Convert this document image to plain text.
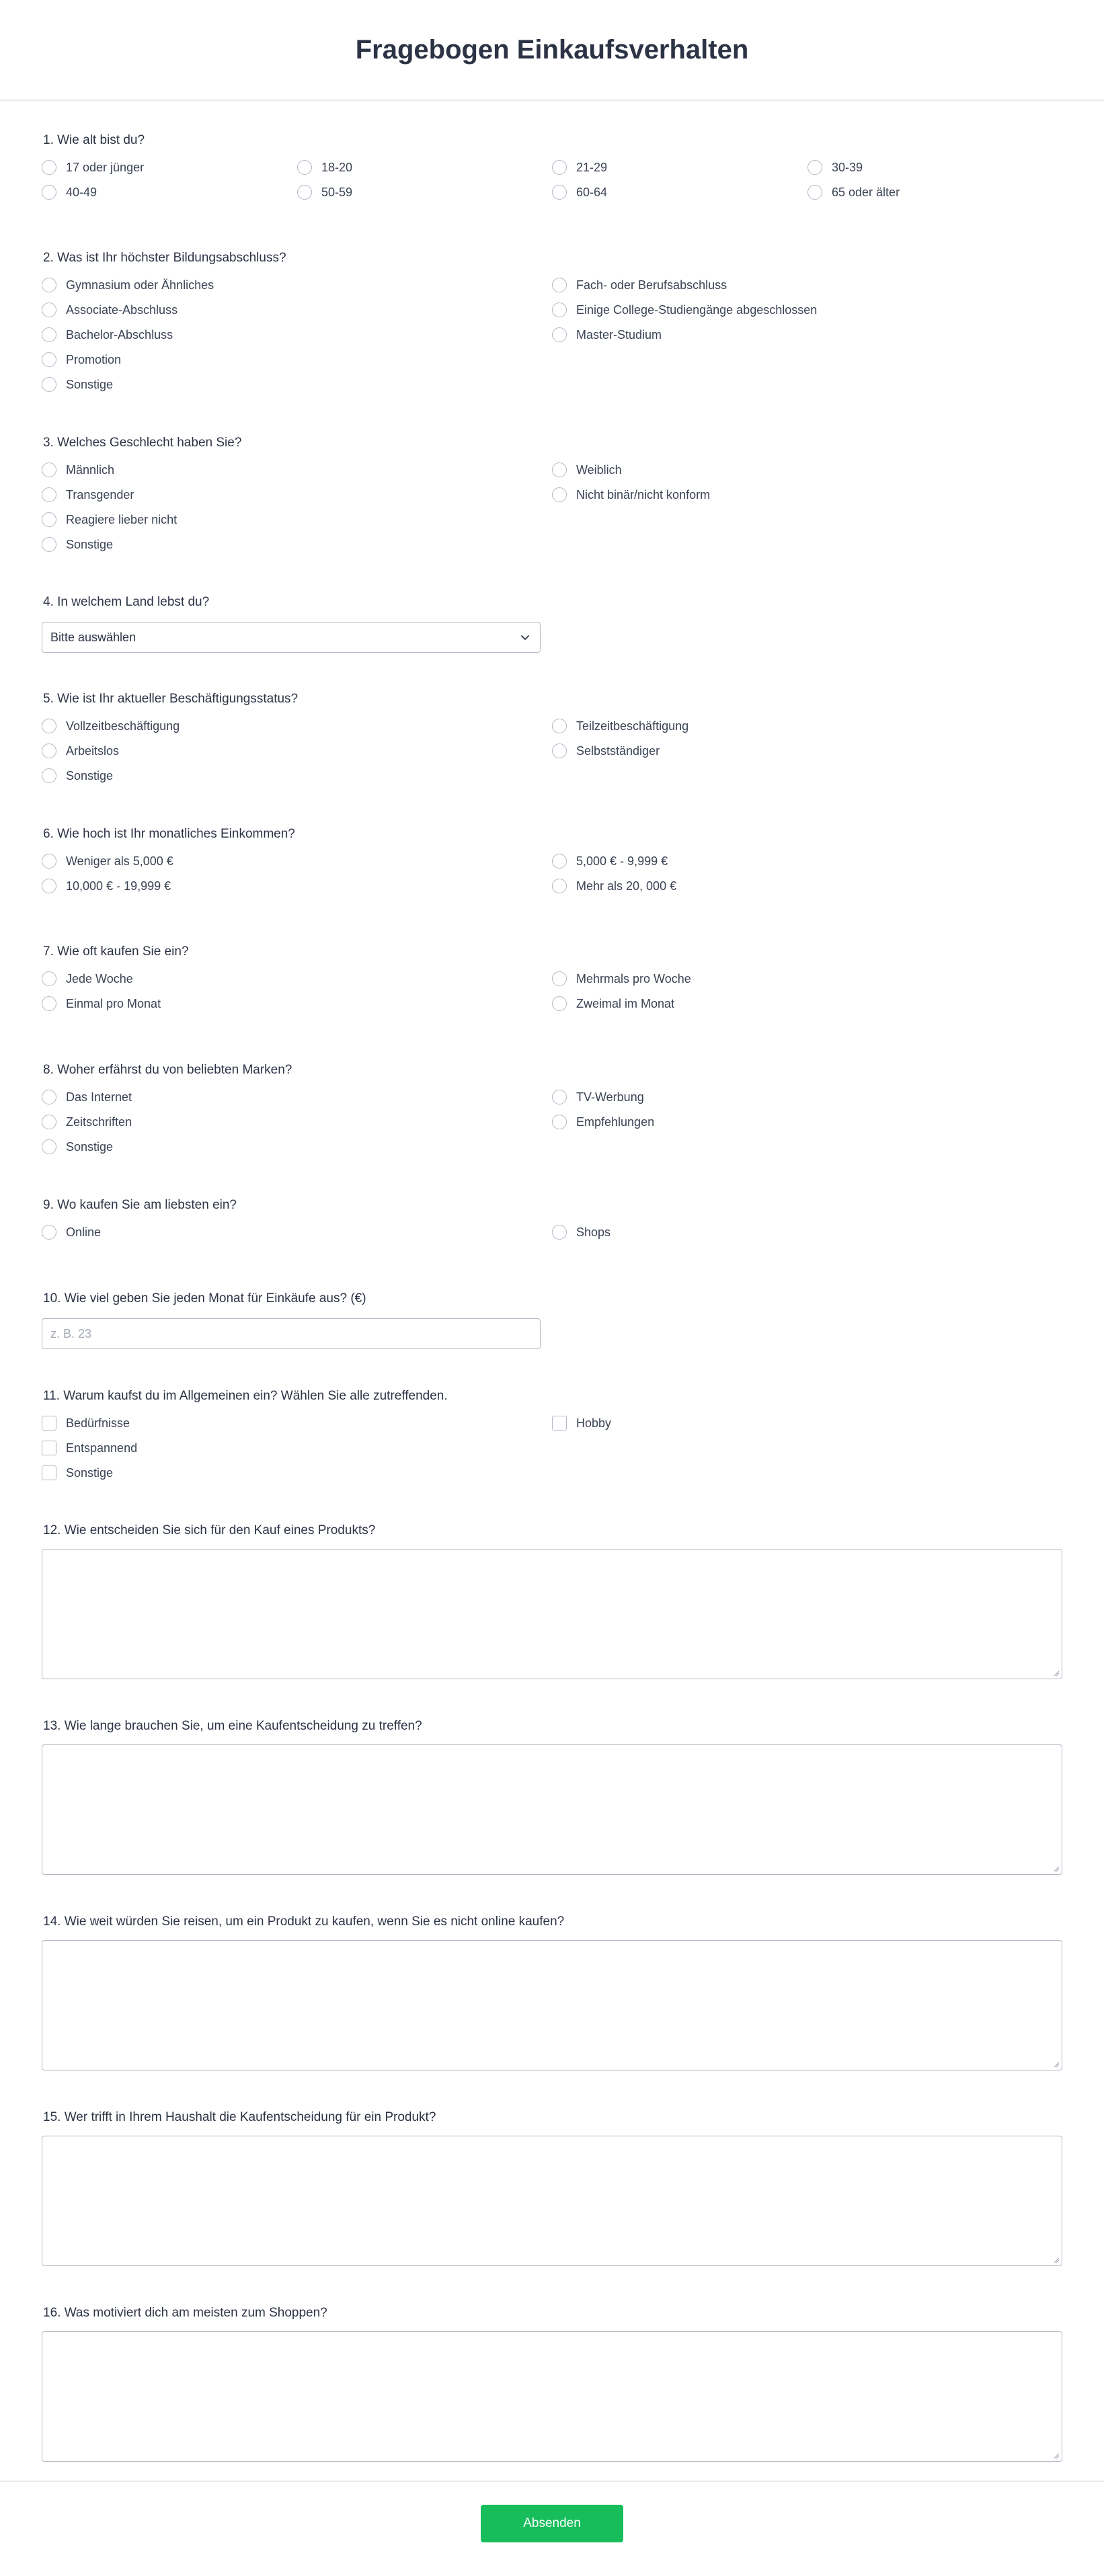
Fragebogen Einkaufsverhalten
1. Wie alt bist du?
17 oder jünger	18-20	21-29	30-39
40-49	50-59	60-64	65 oder älter
2. Was ist Ihr höchster Bildungsabschluss?
Gymnasium oder Ähnliches	Fach- oder Berufsabschluss
Associate-Abschluss	Einige College-Studiengänge abgeschlossen
Bachelor-Abschluss	Master-Studium
Promotion
Sonstige
3. Welches Geschlecht haben Sie?
Männlich	Weiblich
Transgender	Nicht binär/nicht konform
Reagiere lieber nicht
Sonstige
4. In welchem Land lebst du?
Bitte auswählen
5. Wie ist Ihr aktueller Beschäftigungsstatus?
Vollzeitbeschäftigung	Teilzeitbeschäftigung
Arbeitslos	Selbstständiger
Sonstige
6. Wie hoch ist Ihr monatliches Einkommen?
Weniger als 5,000 €	5,000 € - 9,999 €
10,000 € - 19,999 €	Mehr als 20, 000 €
7. Wie oft kaufen Sie ein?
Jede Woche	Mehrmals pro Woche
Einmal pro Monat	Zweimal im Monat
8. Woher erfährst du von beliebten Marken?
Das Internet	TV-Werbung
Zeitschriften	Empfehlungen
Sonstige
9. Wo kaufen Sie am liebsten ein?
Online	Shops
10. Wie viel geben Sie jeden Monat für Einkäufe aus? (€)
z. B. 23
11. Warum kaufst du im Allgemeinen ein? Wählen Sie alle zutreffenden.
Bedürfnisse	Hobby
Entspannend
Sonstige
12. Wie entscheiden Sie sich für den Kauf eines Produkts?
13. Wie lange brauchen Sie, um eine Kaufentscheidung zu treffen?
14. Wie weit würden Sie reisen, um ein Produkt zu kaufen, wenn Sie es nicht online kaufen?
15. Wer trifft in Ihrem Haushalt die Kaufentscheidung für ein Produkt?
16. Was motiviert dich am meisten zum Shoppen?
Absenden
